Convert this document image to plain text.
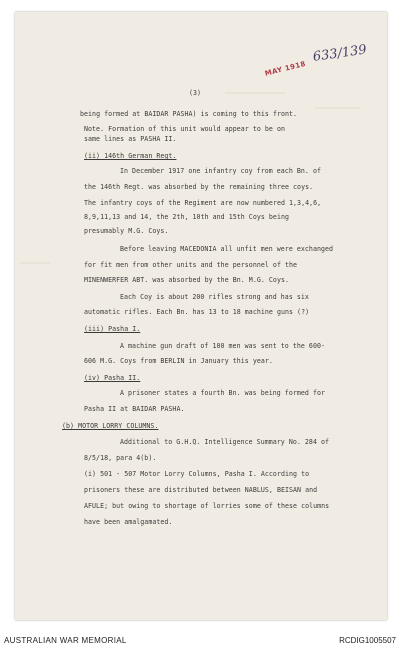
(3)
MAY 1918
633/139
being formed at BAIDAR PASHA) is coming to this front.
Note. Formation of this unit would appear to be on
same lines as PASHA II.
(ii) 146th German Regt.
In December 1917 one infantry coy from each Bn. of
the 146th Regt. was absorbed by the remaining three coys.
The infantry coys of the Regiment are now numbered 1,3,4,6,
8,9,11,13 and 14, the 2th, 10th and 15th Coys being
presumably M.G. Coys.
Before leaving MACEDONIA all unfit men were exchanged
for fit men from other units and the personnel of the
MINENWERFER ABT. was absorbed by the Bn. M.G. Coys.
Each Coy is about 200 rifles strong and has six
automatic rifles. Each Bn. has 13 to 18 machine guns (?)
(iii) Pasha I.
A machine gun draft of 100 men was sent to the 600-
606 M.G. Coys from BERLIN in January this year.
(iv) Pasha II.
A prisoner states a fourth Bn. was being formed for
Pasha II at BAIDAR PASHA.
(b) MOTOR LORRY COLUMNS.
Additional to G.H.Q. Intelligence Summary No. 284 of
8/5/18, para 4(b).
(i) 501 - 507 Motor Lorry Columns, Pasha I. According to
prisoners these are distributed between NABLUS, BEISAN and
AFULE; but owing to shortage of lorries some of these columns
have been amalgamated.
AUSTRALIAN WAR MEMORIAL	RCDIG1005507
